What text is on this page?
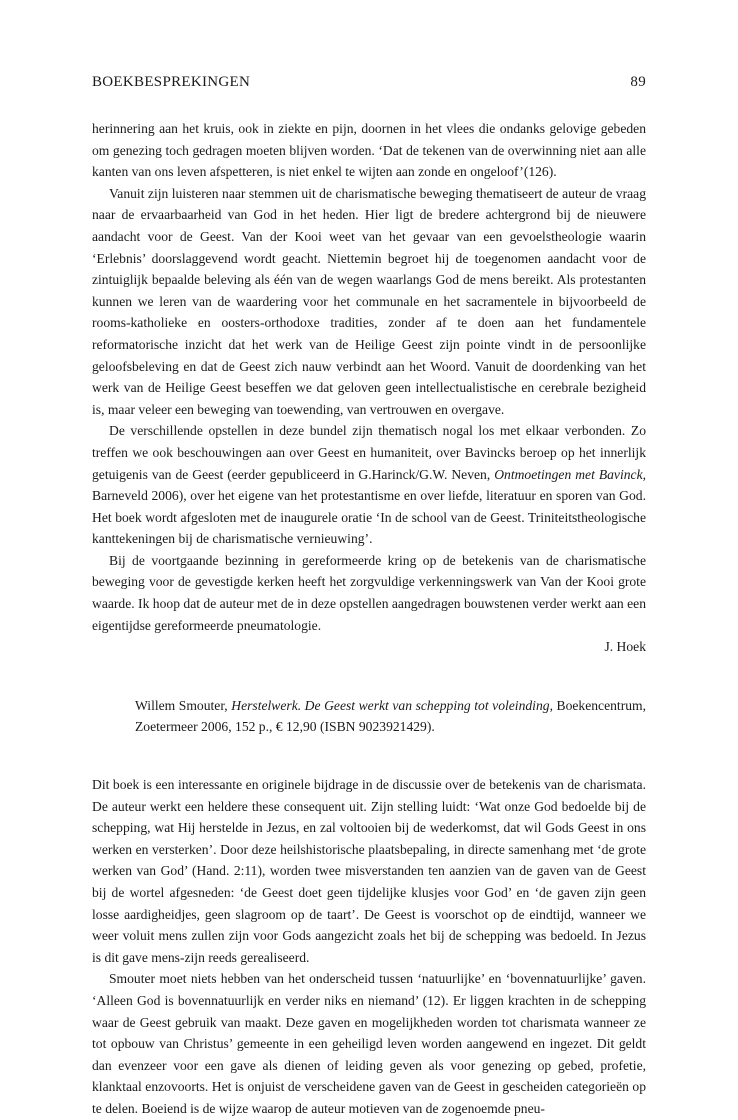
BOEKBESPREKINGEN	89

herinnering aan het kruis, ook in ziekte en pijn, doornen in het vlees die ondanks gelovige gebeden om genezing toch gedragen moeten blijven worden. ‘Dat de tekenen van de overwinning niet aan alle kanten van ons leven afspetteren, is niet enkel te wijten aan zonde en ongeloof’(126).

Vanuit zijn luisteren naar stemmen uit de charismatische beweging thematiseert de auteur de vraag naar de ervaarbaarheid van God in het heden. Hier ligt de bredere achtergrond bij de nieuwere aandacht voor de Geest. Van der Kooi weet van het gevaar van een gevoelstheologie waarin ‘Erlebnis’ doorslaggevend wordt geacht. Niettemin begroet hij de toegenomen aandacht voor de zintuiglijk bepaalde beleving als één van de wegen waarlangs God de mens bereikt. Als protestanten kunnen we leren van de waardering voor het communale en het sacramentele in bijvoorbeeld de rooms-katholieke en oosters-orthodoxe tradities, zonder af te doen aan het fundamentele reformatorische inzicht dat het werk van de Heilige Geest zijn pointe vindt in de persoonlijke geloofsbeleving en dat de Geest zich nauw verbindt aan het Woord. Vanuit de doordenking van het werk van de Heilige Geest beseffen we dat geloven geen intellectualistische en cerebrale bezigheid is, maar veleer een beweging van toewending, van vertrouwen en overgave.

De verschillende opstellen in deze bundel zijn thematisch nogal los met elkaar verbonden. Zo treffen we ook beschouwingen aan over Geest en humaniteit, over Bavincks beroep op het innerlijk getuigenis van de Geest (eerder gepubliceerd in G.Harinck/G.W. Neven, Ontmoetingen met Bavinck, Barneveld 2006), over het eigene van het protestantisme en over liefde, literatuur en sporen van God. Het boek wordt afgesloten met de inaugurele oratie ‘In de school van de Geest. Triniteitstheologische kanttekeningen bij de charismatische vernieuwing’.

Bij de voortgaande bezinning in gereformeerde kring op de betekenis van de charismatische beweging voor de gevestigde kerken heeft het zorgvuldige verkenningswerk van Van der Kooi grote waarde. Ik hoop dat de auteur met de in deze opstellen aangedragen bouwstenen verder werkt aan een eigentijdse gereformeerde pneumatologie.

J. Hoek

Willem Smouter, Herstelwerk. De Geest werkt van schepping tot voleinding, Boekencentrum, Zoetermeer 2006, 152 p., € 12,90 (ISBN 9023921429).

Dit boek is een interessante en originele bijdrage in de discussie over de betekenis van de charismata. De auteur werkt een heldere these consequent uit. Zijn stelling luidt: ‘Wat onze God bedoelde bij de schepping, wat Hij herstelde in Jezus, en zal voltooien bij de wederkomst, dat wil Gods Geest in ons werken en versterken’. Door deze heilshistorische plaatsbepaling, in directe samenhang met ‘de grote werken van God’ (Hand. 2:11), worden twee misverstanden ten aanzien van de gaven van de Geest bij de wortel afgesneden: ‘de Geest doet geen tijdelijke klusjes voor God’ en ‘de gaven zijn geen losse aardigheidjes, geen slagroom op de taart’. De Geest is voorschot op de eindtijd, wanneer we weer voluit mens zullen zijn voor Gods aangezicht zoals het bij de schepping was bedoeld. In Jezus is dit gave mens-zijn reeds gerealiseerd.

Smouter moet niets hebben van het onderscheid tussen ‘natuurlijke’ en ‘bovennatuurlijke’ gaven. ‘Alleen God is bovennatuurlijk en verder niks en niemand’ (12). Er liggen krachten in de schepping waar de Geest gebruik van maakt. Deze gaven en mogelijkheden worden tot charismata wanneer ze tot opbouw van Christus’ gemeente in een geheiligd leven worden aangewend en ingezet. Dit geldt dan evenzeer voor een gave als dienen of leiding geven als voor genezing op gebed, profetie, klanktaal enzovoorts. Het is onjuist de verscheidene gaven van de Geest in gescheiden categorieën op te delen. Boeiend is de wijze waarop de auteur motieven van de zogenoemde pneu-
